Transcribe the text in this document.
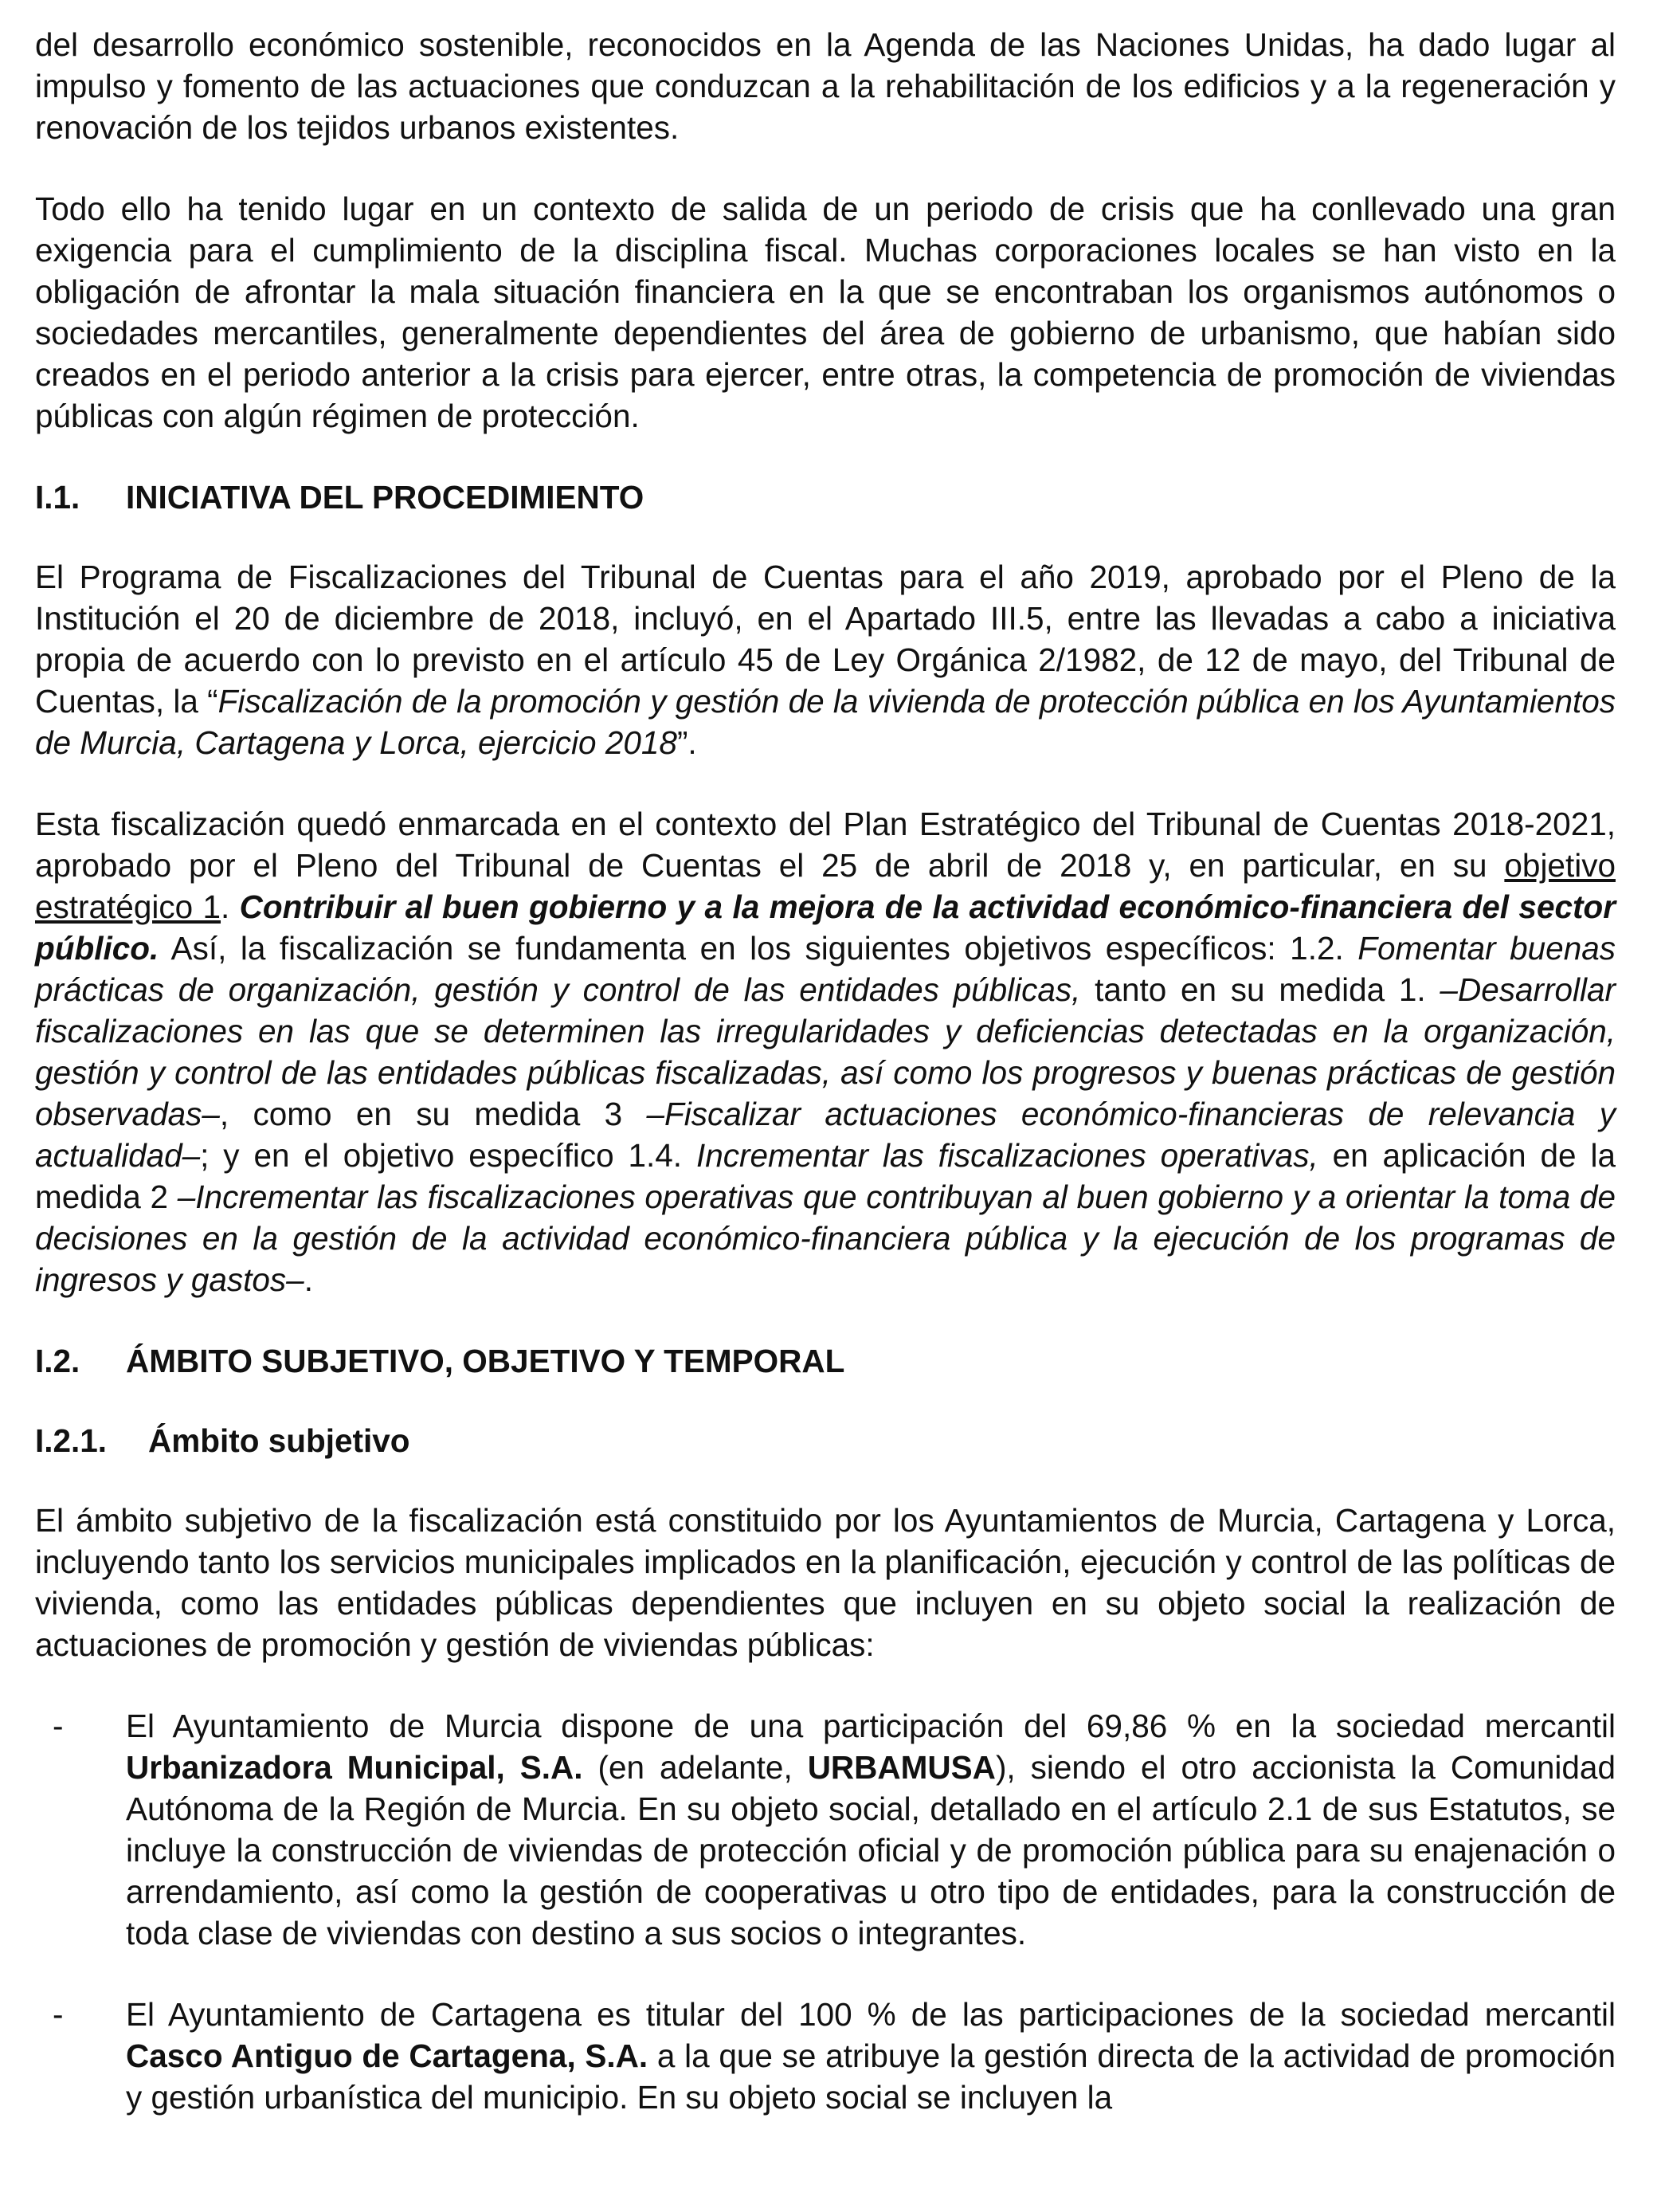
del desarrollo económico sostenible, reconocidos en la Agenda de las Naciones Unidas, ha dado lugar al impulso y fomento de las actuaciones que conduzcan a la rehabilitación de los edificios y a la regeneración y renovación de los tejidos urbanos existentes.

Todo ello ha tenido lugar en un contexto de salida de un periodo de crisis que ha conllevado una gran exigencia para el cumplimiento de la disciplina fiscal. Muchas corporaciones locales se han visto en la obligación de afrontar la mala situación financiera en la que se encontraban los organismos autónomos o sociedades mercantiles, generalmente dependientes del área de gobierno de urbanismo, que habían sido creados en el periodo anterior a la crisis para ejercer, entre otras, la competencia de promoción de viviendas públicas con algún régimen de protección.

I.1. INICIATIVA DEL PROCEDIMIENTO

El Programa de Fiscalizaciones del Tribunal de Cuentas para el año 2019, aprobado por el Pleno de la Institución el 20 de diciembre de 2018, incluyó, en el Apartado III.5, entre las llevadas a cabo a iniciativa propia de acuerdo con lo previsto en el artículo 45 de Ley Orgánica 2/1982, de 12 de mayo, del Tribunal de Cuentas, la “Fiscalización de la promoción y gestión de la vivienda de protección pública en los Ayuntamientos de Murcia, Cartagena y Lorca, ejercicio 2018”.

Esta fiscalización quedó enmarcada en el contexto del Plan Estratégico del Tribunal de Cuentas 2018-2021, aprobado por el Pleno del Tribunal de Cuentas el 25 de abril de 2018 y, en particular, en su objetivo estratégico 1. Contribuir al buen gobierno y a la mejora de la actividad económico-financiera del sector público. Así, la fiscalización se fundamenta en los siguientes objetivos específicos: 1.2. Fomentar buenas prácticas de organización, gestión y control de las entidades públicas, tanto en su medida 1. –Desarrollar fiscalizaciones en las que se determinen las irregularidades y deficiencias detectadas en la organización, gestión y control de las entidades públicas fiscalizadas, así como los progresos y buenas prácticas de gestión observadas–, como en su medida 3 –Fiscalizar actuaciones económico-financieras de relevancia y actualidad–; y en el objetivo específico 1.4. Incrementar las fiscalizaciones operativas, en aplicación de la medida 2 –Incrementar las fiscalizaciones operativas que contribuyan al buen gobierno y a orientar la toma de decisiones en la gestión de la actividad económico-financiera pública y la ejecución de los programas de ingresos y gastos–.

I.2. ÁMBITO SUBJETIVO, OBJETIVO Y TEMPORAL
I.2.1. Ámbito subjetivo

El ámbito subjetivo de la fiscalización está constituido por los Ayuntamientos de Murcia, Cartagena y Lorca, incluyendo tanto los servicios municipales implicados en la planificación, ejecución y control de las políticas de vivienda, como las entidades públicas dependientes que incluyen en su objeto social la realización de actuaciones de promoción y gestión de viviendas públicas:

- El Ayuntamiento de Murcia dispone de una participación del 69,86 % en la sociedad mercantil Urbanizadora Municipal, S.A. (en adelante, URBAMUSA), siendo el otro accionista la Comunidad Autónoma de la Región de Murcia. En su objeto social, detallado en el artículo 2.1 de sus Estatutos, se incluye la construcción de viviendas de protección oficial y de promoción pública para su enajenación o arrendamiento, así como la gestión de cooperativas u otro tipo de entidades, para la construcción de toda clase de viviendas con destino a sus socios o integrantes.

- El Ayuntamiento de Cartagena es titular del 100 % de las participaciones de la sociedad mercantil Casco Antiguo de Cartagena, S.A. a la que se atribuye la gestión directa de la actividad de promoción y gestión urbanística del municipio. En su objeto social se incluyen la
